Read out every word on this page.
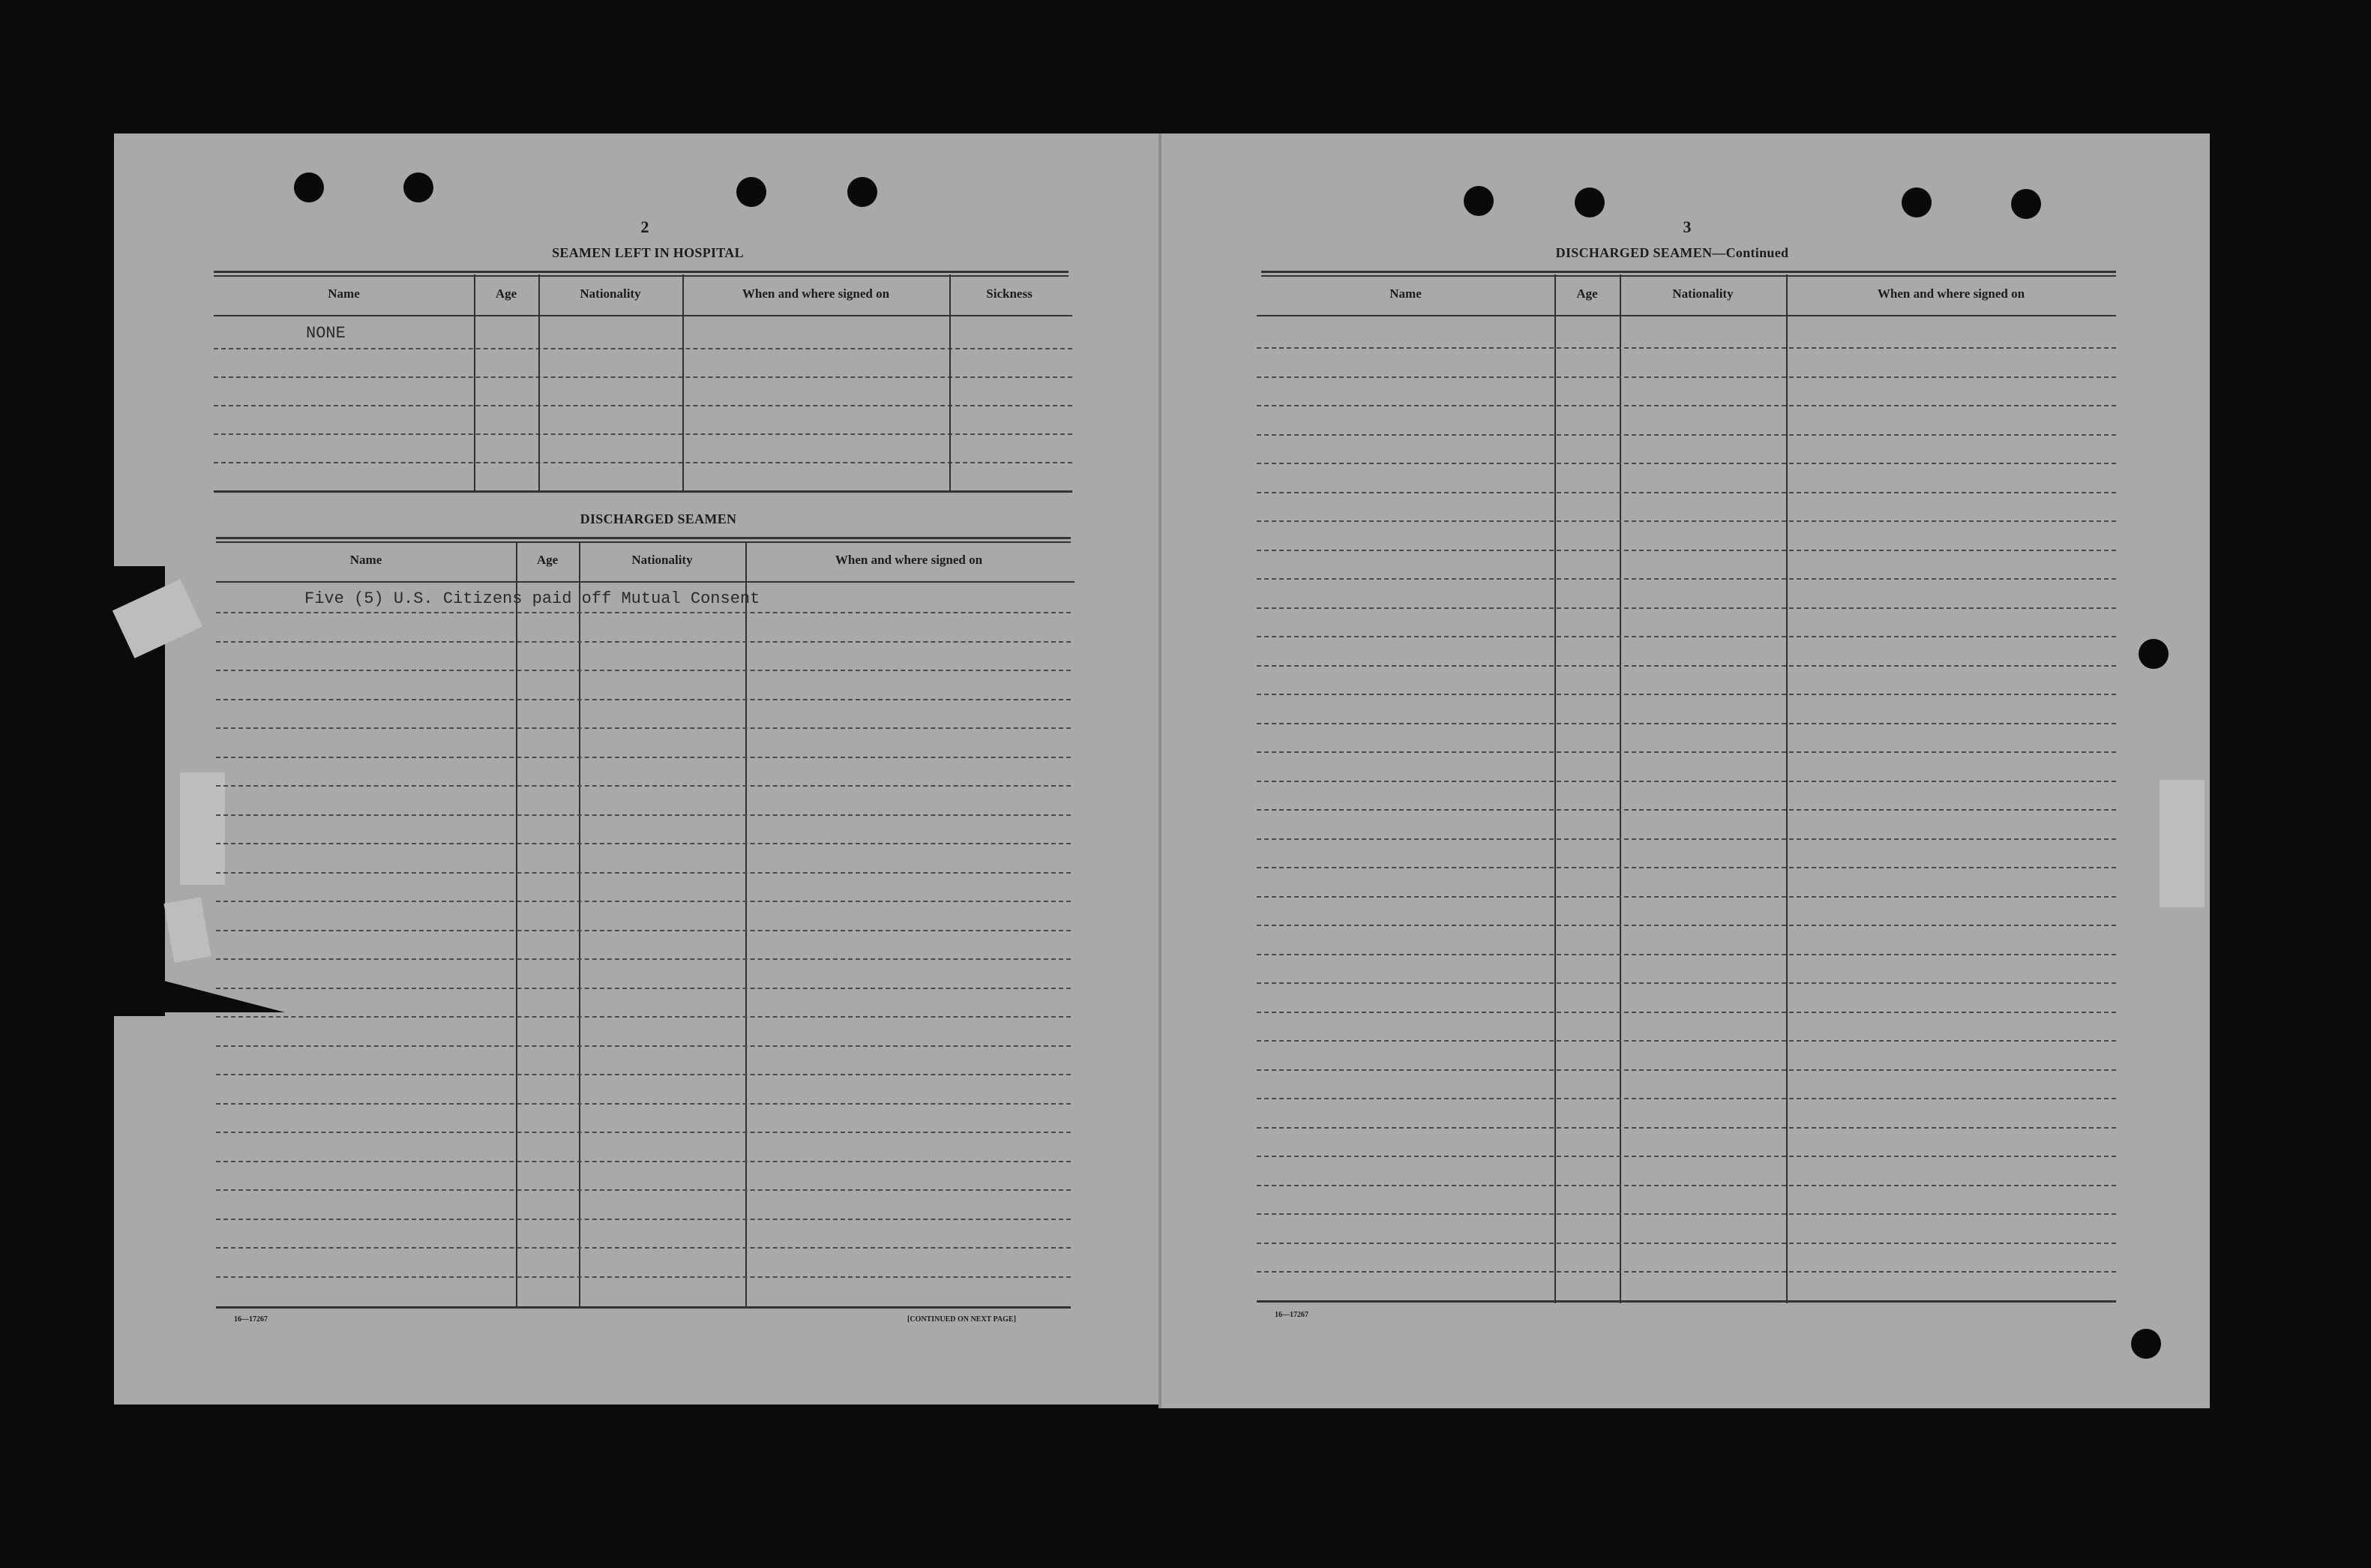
2
SEAMEN LEFT IN HOSPITAL
Name	Age	Nationality	When and where signed on	Sickness
NONE
DISCHARGED SEAMEN
Name	Age	Nationality	When and where signed on
Five (5) U.S. Citizens paid off Mutual Consent
16—17267	[CONTINUED ON NEXT PAGE]
3
DISCHARGED SEAMEN—Continued
Name	Age	Nationality	When and where signed on
16—17267
